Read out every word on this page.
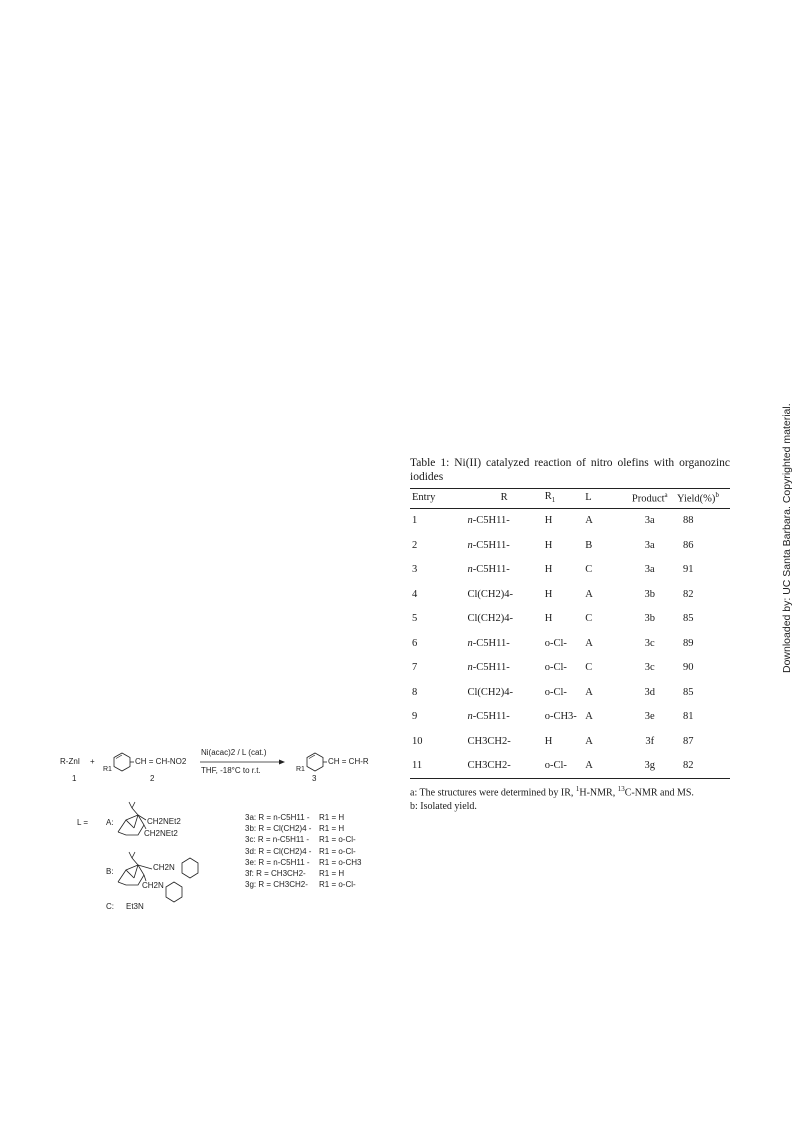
Table 1: Ni(II) catalyzed reaction of nitro olefins with organozinc iodides

Entry	R	$R_1$	L	Product$^a$	Yield(%)$^b$
1	n-C5H11-	H	A	3a	88
2	n-C5H11-	H	B	3a	86
3	n-C5H11-	H	C	3a	91
4	Cl(CH2)4-	H	A	3b	82
5	Cl(CH2)4-	H	C	3b	85
6	n-C5H11-	o-Cl-	A	3c	89
7	n-C5H11-	o-Cl-	C	3c	90
8	Cl(CH2)4-	o-Cl-	A	3d	85
9	n-C5H11-	o-CH3-	A	3e	81
10	CH3CH2-	H	A	3f	87
11	CH3CH2-	o-Cl-	A	3g	82

a: The structures were determined by IR, $^1$H-NMR, $^{13}$C-NMR and MS.

b: Isolated yield.

R-ZnI +	CH = CH-NO2
R1
1	2
Ni(acac)2 / L (cat.)
THF, -18°C to r.t.
CH = CH-R
R1
3
L = A:	CH2NEt2
CH2NEt2
B:	CH2N
CH2N
C: Et3N
3a: R = n-C5H11 - R1 = H
3b: R = Cl(CH2)4 - R1 = H
3c: R = n-C5H11 - R1 = o-Cl-
3d: R = Cl(CH2)4 - R1 = o-Cl-
3e: R = n-C5H11 - R1 = o-CH3
3f: R = CH3CH2- R1 = H
3g: R = CH3CH2- R1 = o-Cl-
Downloaded by: UC Santa Barbara. Copyrighted material.
